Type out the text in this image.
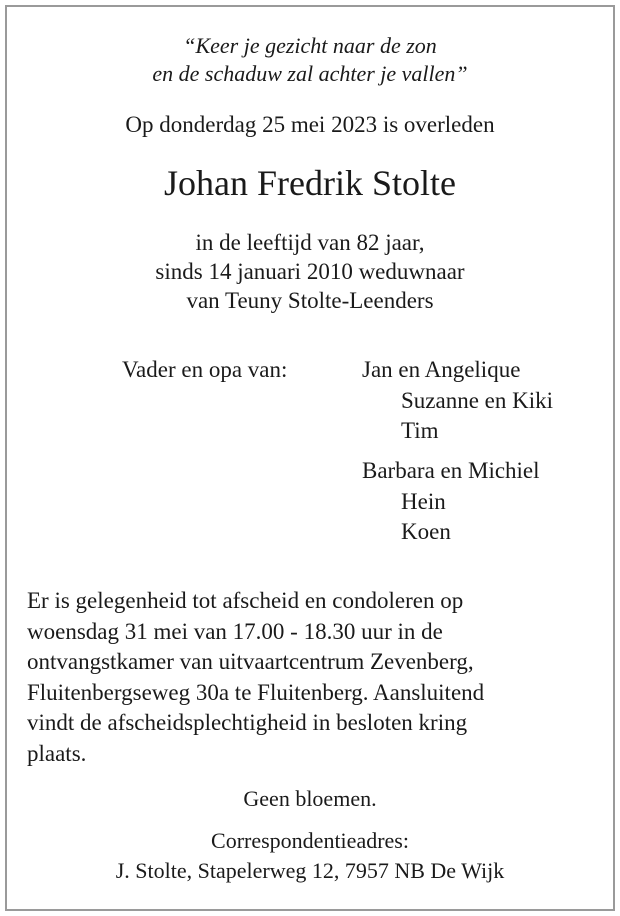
“Keer je gezicht naar de zon
en de schaduw zal achter je vallen”
Op donderdag 25 mei 2023 is overleden
Johan Fredrik Stolte
in de leeftijd van 82 jaar,
sinds 14 januari 2010 weduwnaar
van Teuny Stolte-Leenders
Vader en opa van:	Jan en Angelique
Suzanne en Kiki
Tim
Barbara en Michiel
Hein
Koen
Er is gelegenheid tot afscheid en condoleren op
woensdag 31 mei van 17.00 - 18.30 uur in de
ontvangstkamer van uitvaartcentrum Zevenberg,
Fluitenbergseweg 30a te Fluitenberg. Aansluitend
vindt de afscheidsplechtigheid in besloten kring
plaats.
Geen bloemen.
Correspondentieadres:
J. Stolte, Stapelerweg 12, 7957 NB De Wijk
